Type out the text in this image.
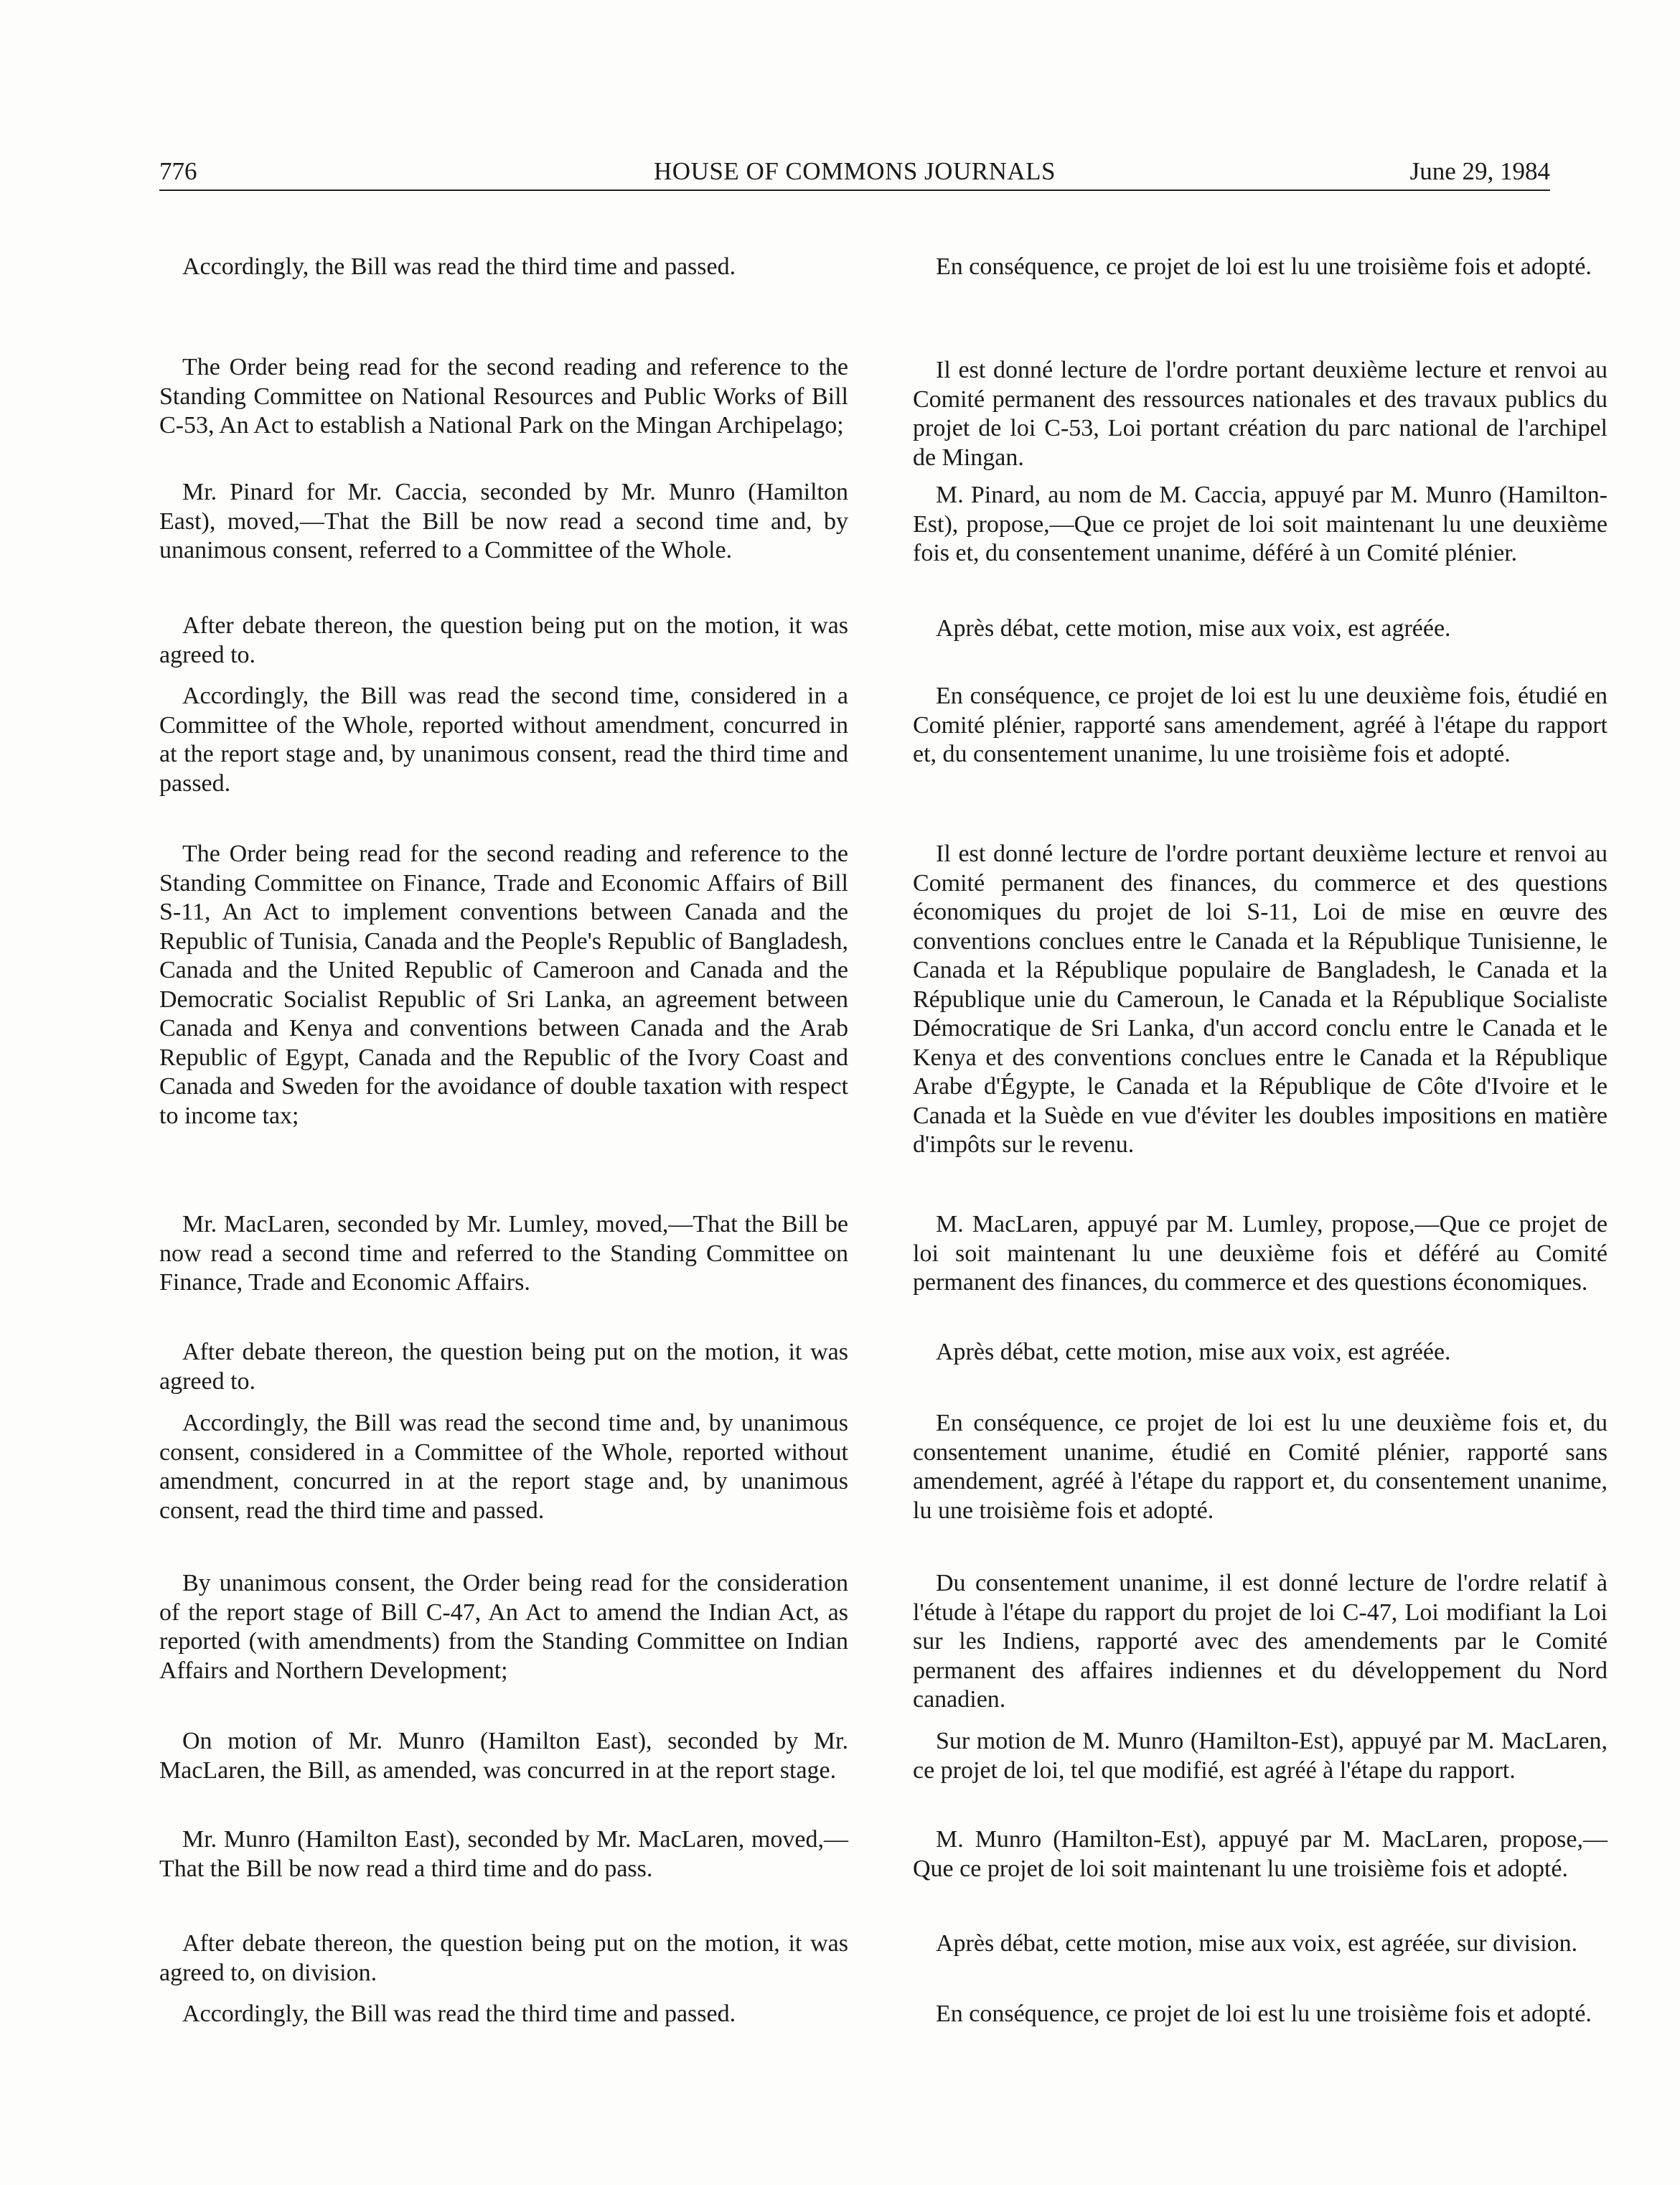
776	HOUSE OF COMMONS JOURNALS	June 29, 1984

Accordingly, the Bill was read the third time and passed.

The Order being read for the second reading and reference to the Standing Committee on National Resources and Public Works of Bill C-53, An Act to establish a National Park on the Mingan Archipelago;

Mr. Pinard for Mr. Caccia, seconded by Mr. Munro (Hamilton East), moved,—That the Bill be now read a second time and, by unanimous consent, referred to a Committee of the Whole.

After debate thereon, the question being put on the motion, it was agreed to.

Accordingly, the Bill was read the second time, considered in a Committee of the Whole, reported without amendment, concurred in at the report stage and, by unanimous consent, read the third time and passed.

The Order being read for the second reading and reference to the Standing Committee on Finance, Trade and Economic Affairs of Bill S-11, An Act to implement conventions between Canada and the Republic of Tunisia, Canada and the People's Republic of Bangladesh, Canada and the United Republic of Cameroon and Canada and the Democratic Socialist Republic of Sri Lanka, an agreement between Canada and Kenya and conventions between Canada and the Arab Republic of Egypt, Canada and the Republic of the Ivory Coast and Canada and Sweden for the avoidance of double taxation with respect to income tax;

Mr. MacLaren, seconded by Mr. Lumley, moved,—That the Bill be now read a second time and referred to the Standing Committee on Finance, Trade and Economic Affairs.

After debate thereon, the question being put on the motion, it was agreed to.

Accordingly, the Bill was read the second time and, by unanimous consent, considered in a Committee of the Whole, reported without amendment, concurred in at the report stage and, by unanimous consent, read the third time and passed.

By unanimous consent, the Order being read for the consideration of the report stage of Bill C-47, An Act to amend the Indian Act, as reported (with amendments) from the Standing Committee on Indian Affairs and Northern Development;

On motion of Mr. Munro (Hamilton East), seconded by Mr. MacLaren, the Bill, as amended, was concurred in at the report stage.

Mr. Munro (Hamilton East), seconded by Mr. MacLaren, moved,—That the Bill be now read a third time and do pass.

After debate thereon, the question being put on the motion, it was agreed to, on division.

Accordingly, the Bill was read the third time and passed.

En conséquence, ce projet de loi est lu une troisième fois et adopté.

Il est donné lecture de l'ordre portant deuxième lecture et renvoi au Comité permanent des ressources nationales et des travaux publics du projet de loi C-53, Loi portant création du parc national de l'archipel de Mingan.

M. Pinard, au nom de M. Caccia, appuyé par M. Munro (Hamilton-Est), propose,—Que ce projet de loi soit maintenant lu une deuxième fois et, du consentement unanime, déféré à un Comité plénier.

Après débat, cette motion, mise aux voix, est agréée.

En conséquence, ce projet de loi est lu une deuxième fois, étudié en Comité plénier, rapporté sans amendement, agréé à l'étape du rapport et, du consentement unanime, lu une troisième fois et adopté.

Il est donné lecture de l'ordre portant deuxième lecture et renvoi au Comité permanent des finances, du commerce et des questions économiques du projet de loi S-11, Loi de mise en œuvre des conventions conclues entre le Canada et la République Tunisienne, le Canada et la République populaire de Bangladesh, le Canada et la République unie du Cameroun, le Canada et la République Socialiste Démocratique de Sri Lanka, d'un accord conclu entre le Canada et le Kenya et des conventions conclues entre le Canada et la République Arabe d'Égypte, le Canada et la République de Côte d'Ivoire et le Canada et la Suède en vue d'éviter les doubles impositions en matière d'impôts sur le revenu.

M. MacLaren, appuyé par M. Lumley, propose,—Que ce projet de loi soit maintenant lu une deuxième fois et déféré au Comité permanent des finances, du commerce et des questions économiques.

Après débat, cette motion, mise aux voix, est agréée.

En conséquence, ce projet de loi est lu une deuxième fois et, du consentement unanime, étudié en Comité plénier, rapporté sans amendement, agréé à l'étape du rapport et, du consentement unanime, lu une troisième fois et adopté.

Du consentement unanime, il est donné lecture de l'ordre relatif à l'étude à l'étape du rapport du projet de loi C-47, Loi modifiant la Loi sur les Indiens, rapporté avec des amendements par le Comité permanent des affaires indiennes et du développement du Nord canadien.

Sur motion de M. Munro (Hamilton-Est), appuyé par M. MacLaren, ce projet de loi, tel que modifié, est agréé à l'étape du rapport.

M. Munro (Hamilton-Est), appuyé par M. MacLaren, propose,—Que ce projet de loi soit maintenant lu une troisième fois et adopté.

Après débat, cette motion, mise aux voix, est agréée, sur division.

En conséquence, ce projet de loi est lu une troisième fois et adopté.
